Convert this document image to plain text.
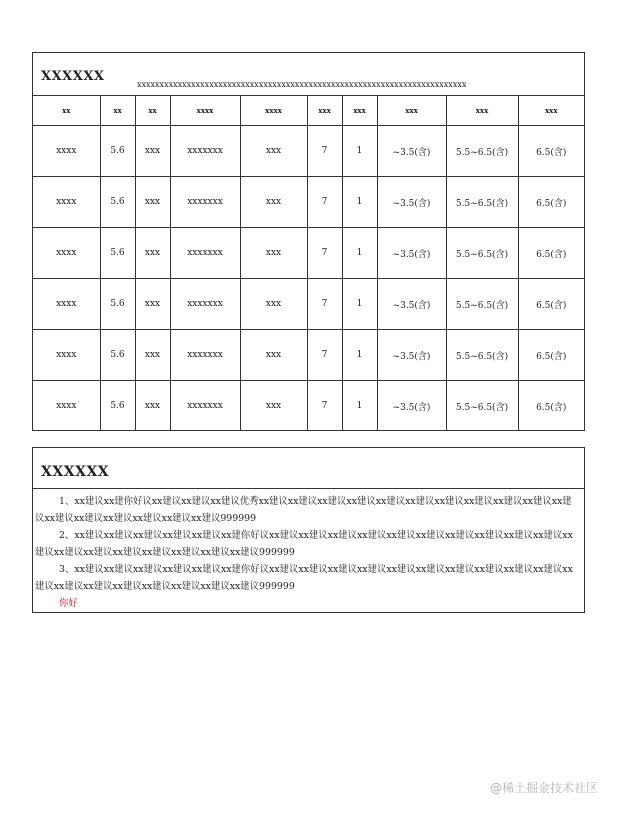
XXXXXX
xxxxxxxxxxxxxxxxxxxxxxxxxxxxxxxxxxxxxxxxxxxxxxxxxxxxxxxxxxxxxxxxxxxxxxxxx
xx	xx	xx	xxxx	xxxx	xxx	xxx	xxx	xxx	xxx
xxxx	5.6	xxx	xxxxxxx	xxx	7	1	~3.5(含)	5.5~6.5(含)	6.5(含)
xxxx	5.6	xxx	xxxxxxx	xxx	7	1	~3.5(含)	5.5~6.5(含)	6.5(含)
xxxx	5.6	xxx	xxxxxxx	xxx	7	1	~3.5(含)	5.5~6.5(含)	6.5(含)
xxxx	5.6	xxx	xxxxxxx	xxx	7	1	~3.5(含)	5.5~6.5(含)	6.5(含)
xxxx	5.6	xxx	xxxxxxx	xxx	7	1	~3.5(含)	5.5~6.5(含)	6.5(含)
xxxx	5.6	xxx	xxxxxxx	xxx	7	1	~3.5(含)	5.5~6.5(含)	6.5(含)
XXXXXX

1、xx建议xx建你好议xx建议xx建议xx建议优秀xx建议xx建议xx建议xx建议xx建议xx建议xx建议xx建议xx建议xx建议xx建议xx建议xx建议xx建议xx建议xx建议xx建议999999

2、xx建议xx建议xx建议xx建议xx建议xx建你好议xx建议xx建议xx建议xx建议xx建议xx建议xx建议xx建议xx建议xx建议xx建议xx建议xx建议xx建议xx建议xx建议xx建议xx建议999999

3、xx建议xx建议xx建议xx建议xx建议xx建你好议xx建议xx建议xx建议xx建议xx建议xx建议xx建议xx建议xx建议xx建议xx建议xx建议xx建议xx建议xx建议xx建议xx建议xx建议999999

你好

@稀土掘金技术社区
